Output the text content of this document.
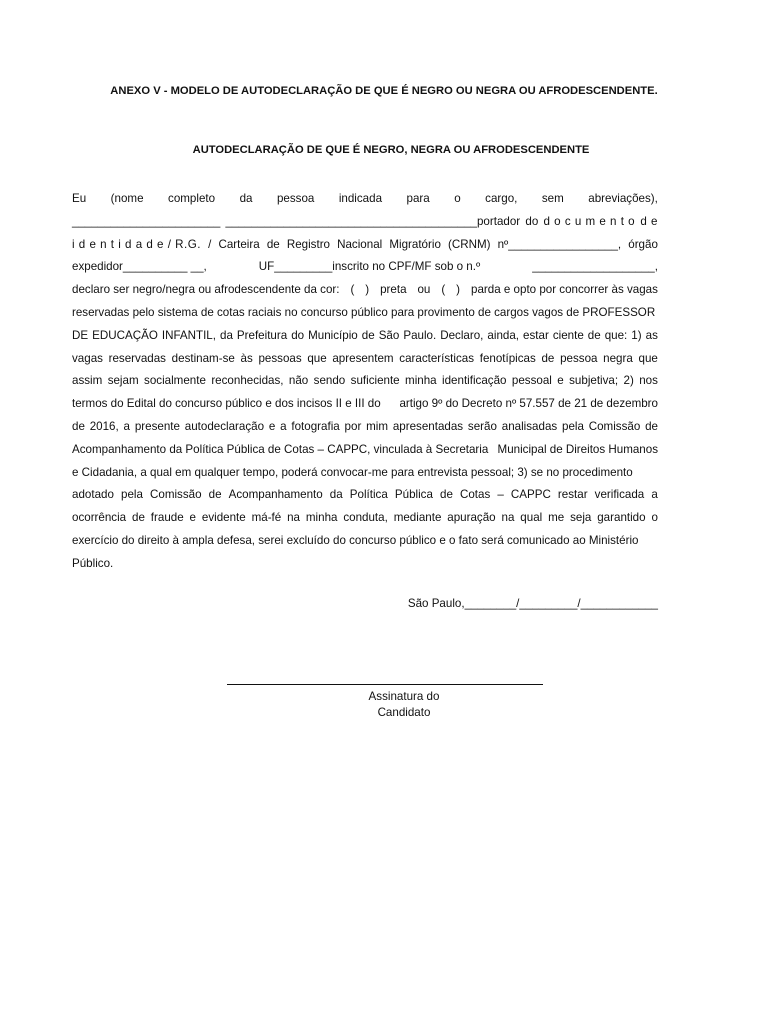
ANEXO V - MODELO DE AUTODECLARAÇÃO DE QUE É NEGRO OU NEGRA OU AFRODESCENDENTE.
AUTODECLARAÇÃO DE QUE É NEGRO, NEGRA OU AFRODESCENDENTE
Eu (nome completo da pessoa indicada para o cargo, sem abreviações),
_______________________ _______________________________________portador do d o c u m e n t o d e
i d e n t i d a d e / R.G. / Carteira de Registro Nacional Migratório (CRNM) nº_________________, órgão
expedidor__________ __,	UF_________inscrito no CPF/MF sob o n.º	___________________,
declaro ser negro/negra ou afrodescendente da cor: ( ) preta ou ( ) parda e opto por concorrer às vagas
reservadas pelo sistema de cotas raciais no concurso público para provimento de cargos vagos de PROFESSOR
DE EDUCAÇÃO INFANTIL, da Prefeitura do Município de São Paulo. Declaro, ainda, estar ciente de que: 1) as
vagas reservadas destinam-se às pessoas que apresentem características fenotípicas de pessoa negra que
assim sejam socialmente reconhecidas, não sendo suficiente minha identificação pessoal e subjetiva; 2) nos
termos do Edital do concurso público e dos incisos II e III do artigo 9º do Decreto nº 57.557 de 21 de dezembro
de 2016, a presente autodeclaração e a fotografia por mim apresentadas serão analisadas pela Comissão de
Acompanhamento da Política Pública de Cotas – CAPPC, vinculada à Secretaria Municipal de Direitos Humanos
e Cidadania, a qual em qualquer tempo, poderá convocar-me para entrevista pessoal; 3) se no procedimento
adotado pela Comissão de Acompanhamento da Política Pública de Cotas – CAPPC restar verificada a
ocorrência de fraude e evidente má-fé na minha conduta, mediante apuração na qual me seja garantido o
exercício do direito à ampla defesa, serei excluído do concurso público e o fato será comunicado ao Ministério
Público.
São Paulo,________/_________/____________
Assinatura do
Candidato
